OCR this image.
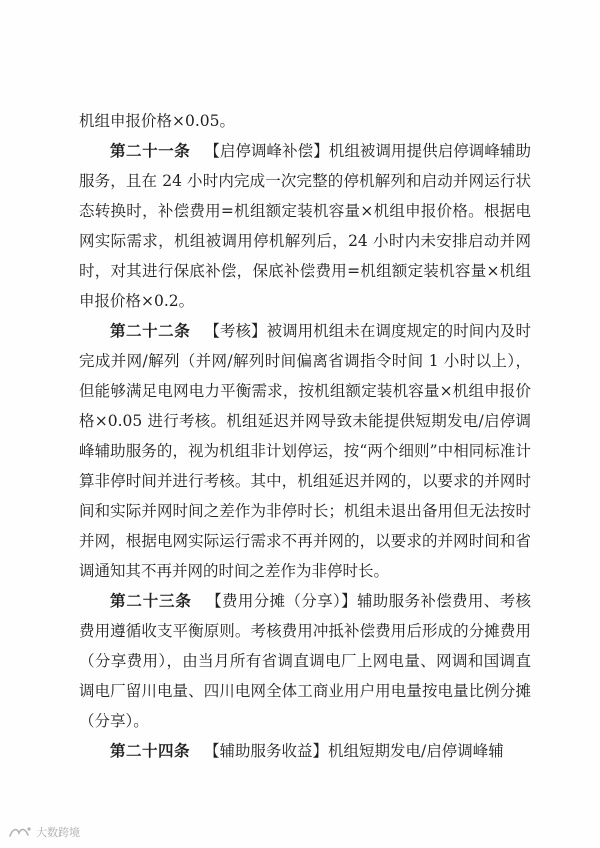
机组申报价格×0.05。

第二十一条 【启停调峰补偿】机组被调用提供启停调峰辅助服务，且在 24 小时内完成一次完整的停机解列和启动并网运行状态转换时，补偿费用=机组额定装机容量×机组申报价格。根据电网实际需求，机组被调用停机解列后，24 小时内未安排启动并网时，对其进行保底补偿，保底补偿费用=机组额定装机容量×机组申报价格×0.2。

第二十二条 【考核】被调用机组未在调度规定的时间内及时完成并网/解列（并网/解列时间偏离省调指令时间 1 小时以上），但能够满足电网电力平衡需求，按机组额定装机容量×机组申报价格×0.05 进行考核。机组延迟并网导致未能提供短期发电/启停调峰辅助服务的，视为机组非计划停运，按“两个细则”中相同标准计算非停时间并进行考核。其中，机组延迟并网的，以要求的并网时间和实际并网时间之差作为非停时长；机组未退出备用但无法按时并网，根据电网实际运行需求不再并网的，以要求的并网时间和省调通知其不再并网的时间之差作为非停时长。

第二十三条 【费用分摊（分享）】辅助服务补偿费用、考核费用遵循收支平衡原则。考核费用冲抵补偿费用后形成的分摊费用（分享费用），由当月所有省调直调电厂上网电量、网调和国调直调电厂留川电量、四川电网全体工商业用户用电量按电量比例分摊（分享）。

第二十四条 【辅助服务收益】机组短期发电/启停调峰辅

大数跨境
